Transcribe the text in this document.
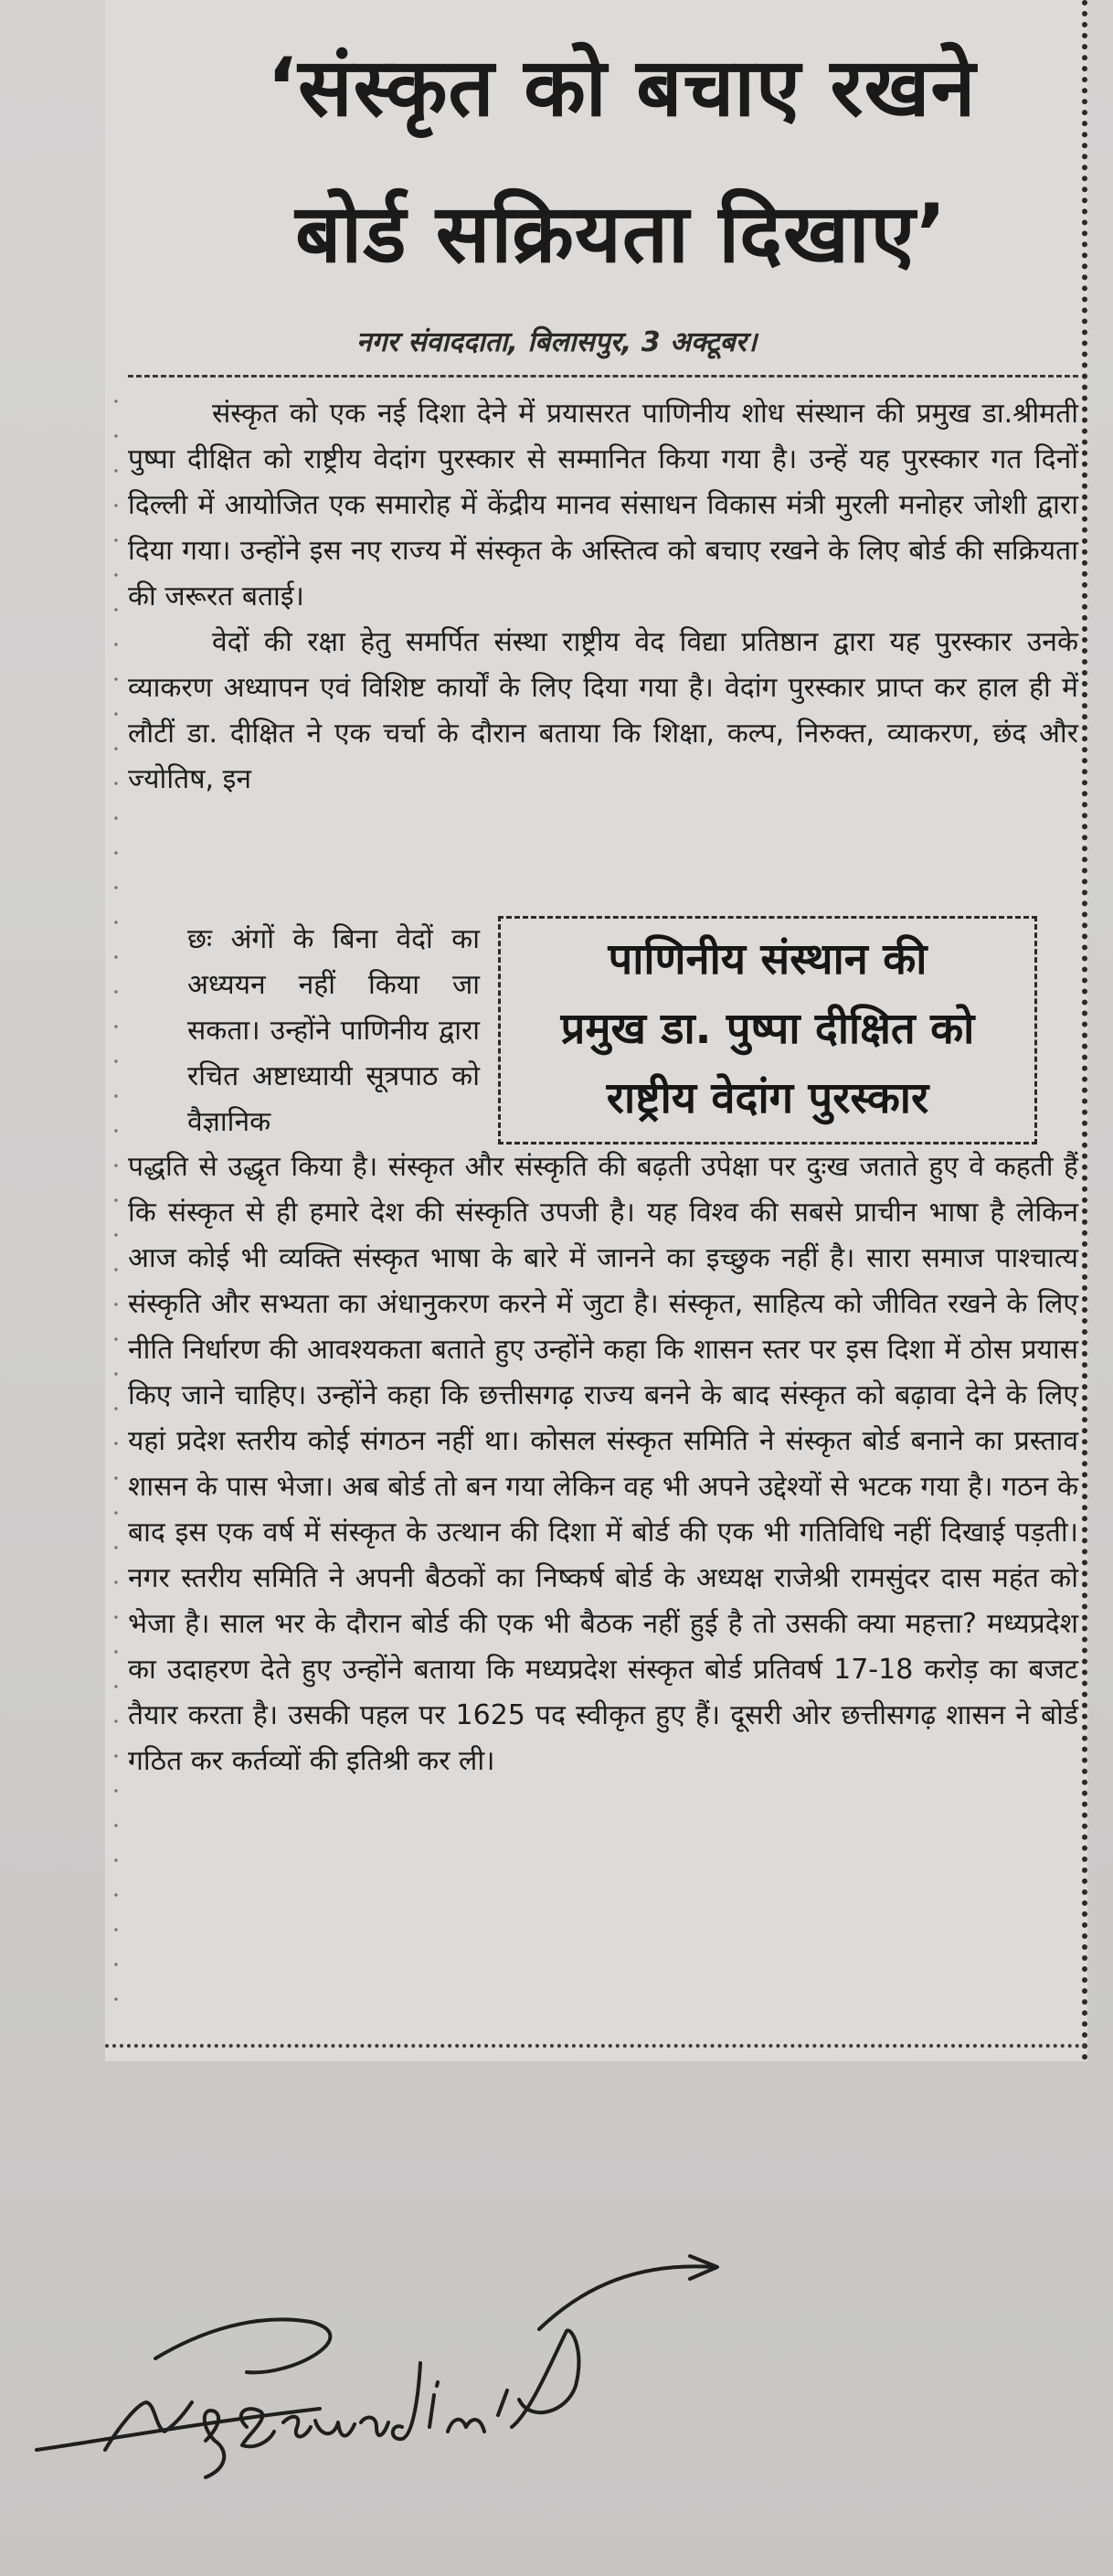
‘संस्कृत को बचाए रखने
बोर्ड सक्रियता दिखाए’
नगर संवाददाता, बिलासपुर, 3 अक्टूबर।

संस्कृत को एक नई दिशा देने में प्रयासरत पाणिनीय शोध संस्थान की प्रमुख डा.श्रीमती पुष्पा दीक्षित को राष्ट्रीय वेदांग पुरस्कार से सम्मानित किया गया है। उन्हें यह पुरस्कार गत दिनों दिल्ली में आयोजित एक समारोह में केंद्रीय मानव संसाधन विकास मंत्री मुरली मनोहर जोशी द्वारा दिया गया। उन्होंने इस नए राज्य में संस्कृत के अस्तित्व को बचाए रखने के लिए बोर्ड की सक्रियता की जरूरत बताई।

वेदों की रक्षा हेतु समर्पित संस्था राष्ट्रीय वेद विद्या प्रतिष्ठान द्वारा यह पुरस्कार उनके व्याकरण अध्यापन एवं विशिष्ट कार्यों के लिए दिया गया है। वेदांग पुरस्कार प्राप्त कर हाल ही में लौटीं डा. दीक्षित ने एक चर्चा के दौरान बताया कि शिक्षा, कल्प, निरुक्त, व्याकरण, छंद और ज्योतिष, इन

छः अंगों के बिना वेदों का अध्ययन नहीं किया जा सकता। उन्होंने पाणिनीय द्वारा रचित अष्टाध्यायी सूत्रपाठ को वैज्ञानिक

पाणिनीय संस्थान की
प्रमुख डा. पुष्पा दीक्षित को
राष्ट्रीय वेदांग पुरस्कार

पद्धति से उद्धृत किया है। संस्कृत और संस्कृति की बढ़ती उपेक्षा पर दुःख जताते हुए वे कहती हैं कि संस्कृत से ही हमारे देश की संस्कृति उपजी है। यह विश्व की सबसे प्राचीन भाषा है लेकिन आज कोई भी व्यक्ति संस्कृत भाषा के बारे में जानने का इच्छुक नहीं है। सारा समाज पाश्चात्य संस्कृति और सभ्यता का अंधानुकरण करने में जुटा है। संस्कृत, साहित्य को जीवित रखने के लिए नीति निर्धारण की आवश्यकता बताते हुए उन्होंने कहा कि शासन स्तर पर इस दिशा में ठोस प्रयास किए जाने चाहिए। उन्होंने कहा कि छत्तीसगढ़ राज्य बनने के बाद संस्कृत को बढ़ावा देने के लिए यहां प्रदेश स्तरीय कोई संगठन नहीं था। कोसल संस्कृत समिति ने संस्कृत बोर्ड बनाने का प्रस्ताव शासन के पास भेजा। अब बोर्ड तो बन गया लेकिन वह भी अपने उद्देश्यों से भटक गया है। गठन के बाद इस एक वर्ष में संस्कृत के उत्थान की दिशा में बोर्ड की एक भी गतिविधि नहीं दिखाई पड़ती। नगर स्तरीय समिति ने अपनी बैठकों का निष्कर्ष बोर्ड के अध्यक्ष राजेश्री रामसुंदर दास महंत को भेजा है। साल भर के दौरान बोर्ड की एक भी बैठक नहीं हुई है तो उसकी क्या महत्ता? मध्यप्रदेश का उदाहरण देते हुए उन्होंने बताया कि मध्यप्रदेश संस्कृत बोर्ड प्रतिवर्ष 17-18 करोड़ का बजट तैयार करता है। उसकी पहल पर 1625 पद स्वीकृत हुए हैं। दूसरी ओर छत्तीसगढ़ शासन ने बोर्ड गठित कर कर्तव्यों की इतिश्री कर ली।
